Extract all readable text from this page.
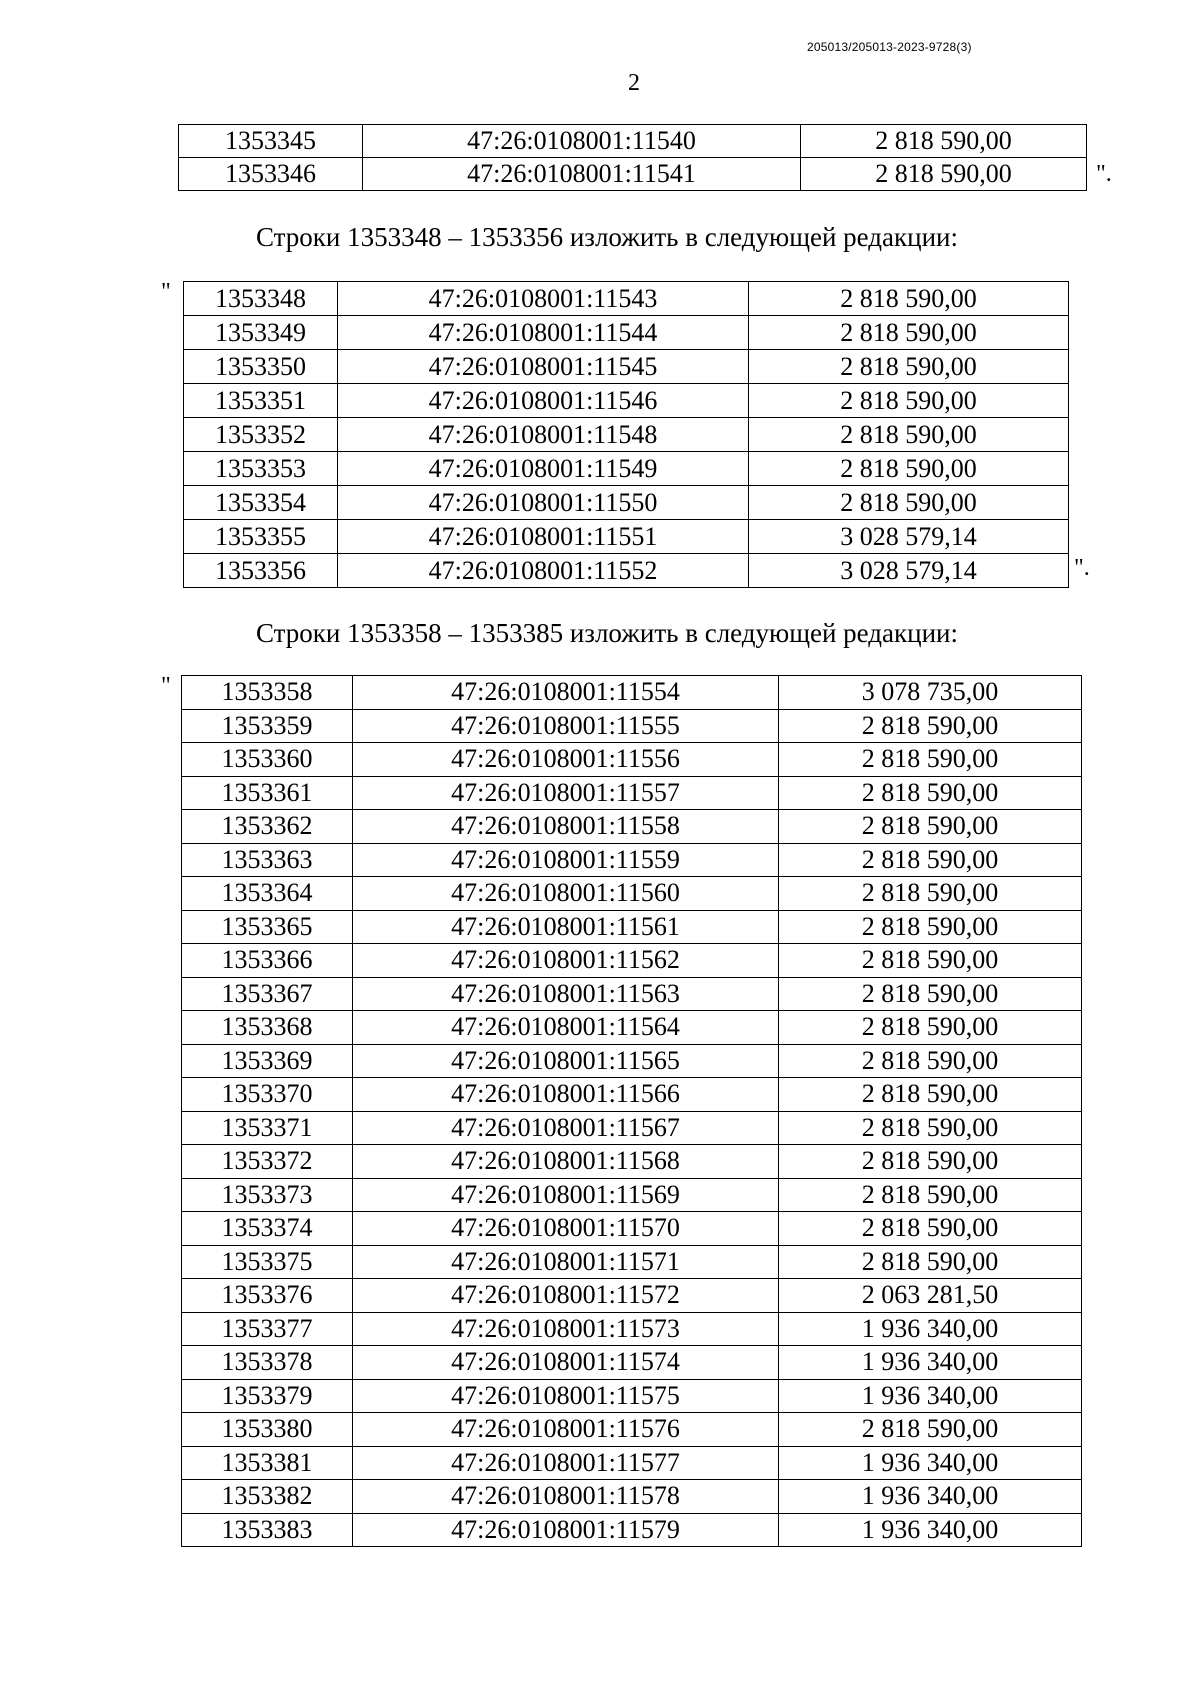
205013/205013-2023-9728(3)
2
1353345	47:26:0108001:11540	2 818 590,00
1353346	47:26:0108001:11541	2 818 590,00	".
Строки 1353348 – 1353356 изложить в следующей редакции:
" 1353348	47:26:0108001:11543	2 818 590,00
1353349	47:26:0108001:11544	2 818 590,00
1353350	47:26:0108001:11545	2 818 590,00
1353351	47:26:0108001:11546	2 818 590,00
1353352	47:26:0108001:11548	2 818 590,00
1353353	47:26:0108001:11549	2 818 590,00
1353354	47:26:0108001:11550	2 818 590,00
1353355	47:26:0108001:11551	3 028 579,14
1353356	47:26:0108001:11552	3 028 579,14	".
Строки 1353358 – 1353385 изложить в следующей редакции:
" 1353358	47:26:0108001:11554	3 078 735,00
1353359	47:26:0108001:11555	2 818 590,00
1353360	47:26:0108001:11556	2 818 590,00
1353361	47:26:0108001:11557	2 818 590,00
1353362	47:26:0108001:11558	2 818 590,00
1353363	47:26:0108001:11559	2 818 590,00
1353364	47:26:0108001:11560	2 818 590,00
1353365	47:26:0108001:11561	2 818 590,00
1353366	47:26:0108001:11562	2 818 590,00
1353367	47:26:0108001:11563	2 818 590,00
1353368	47:26:0108001:11564	2 818 590,00
1353369	47:26:0108001:11565	2 818 590,00
1353370	47:26:0108001:11566	2 818 590,00
1353371	47:26:0108001:11567	2 818 590,00
1353372	47:26:0108001:11568	2 818 590,00
1353373	47:26:0108001:11569	2 818 590,00
1353374	47:26:0108001:11570	2 818 590,00
1353375	47:26:0108001:11571	2 818 590,00
1353376	47:26:0108001:11572	2 063 281,50
1353377	47:26:0108001:11573	1 936 340,00
1353378	47:26:0108001:11574	1 936 340,00
1353379	47:26:0108001:11575	1 936 340,00
1353380	47:26:0108001:11576	2 818 590,00
1353381	47:26:0108001:11577	1 936 340,00
1353382	47:26:0108001:11578	1 936 340,00
1353383	47:26:0108001:11579	1 936 340,00
